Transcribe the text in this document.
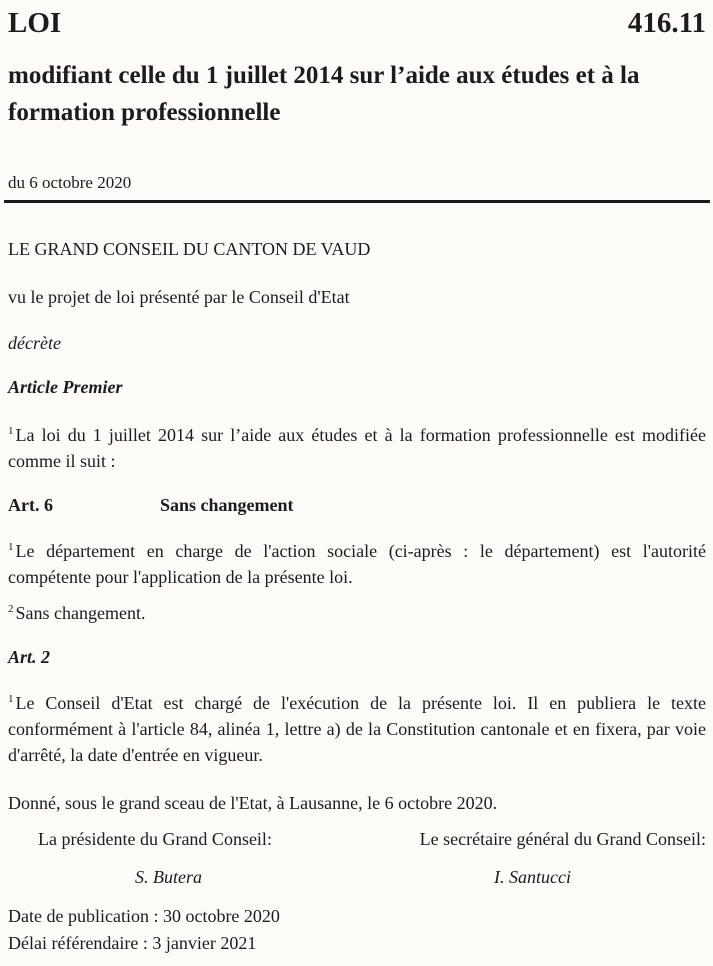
LOI	416.11
modifiant celle du 1 juillet 2014 sur l’aide aux études et à la formation professionnelle
du 6 octobre 2020
LE GRAND CONSEIL DU CANTON DE VAUD
vu le projet de loi présenté par le Conseil d'Etat
décrète
Article Premier
$^1$ La loi du 1 juillet 2014 sur l’aide aux études et à la formation professionnelle est modifiée comme il suit :
Art. 6	Sans changement
$^1$ Le département en charge de l'action sociale (ci-après : le département) est l'autorité compétente pour l'application de la présente loi.
$^2$ Sans changement.
Art. 2
$^1$ Le Conseil d'Etat est chargé de l'exécution de la présente loi. Il en publiera le texte conformément à l'article 84, alinéa 1, lettre a) de la Constitution cantonale et en fixera, par voie d'arrêté, la date d'entrée en vigueur.
Donné, sous le grand sceau de l'Etat, à Lausanne, le 6 octobre 2020.
La présidente du Grand Conseil:	Le secrétaire général du Grand Conseil:
S. Butera	I. Santucci
Date de publication : 30 octobre 2020
Délai référendaire : 3 janvier 2021
